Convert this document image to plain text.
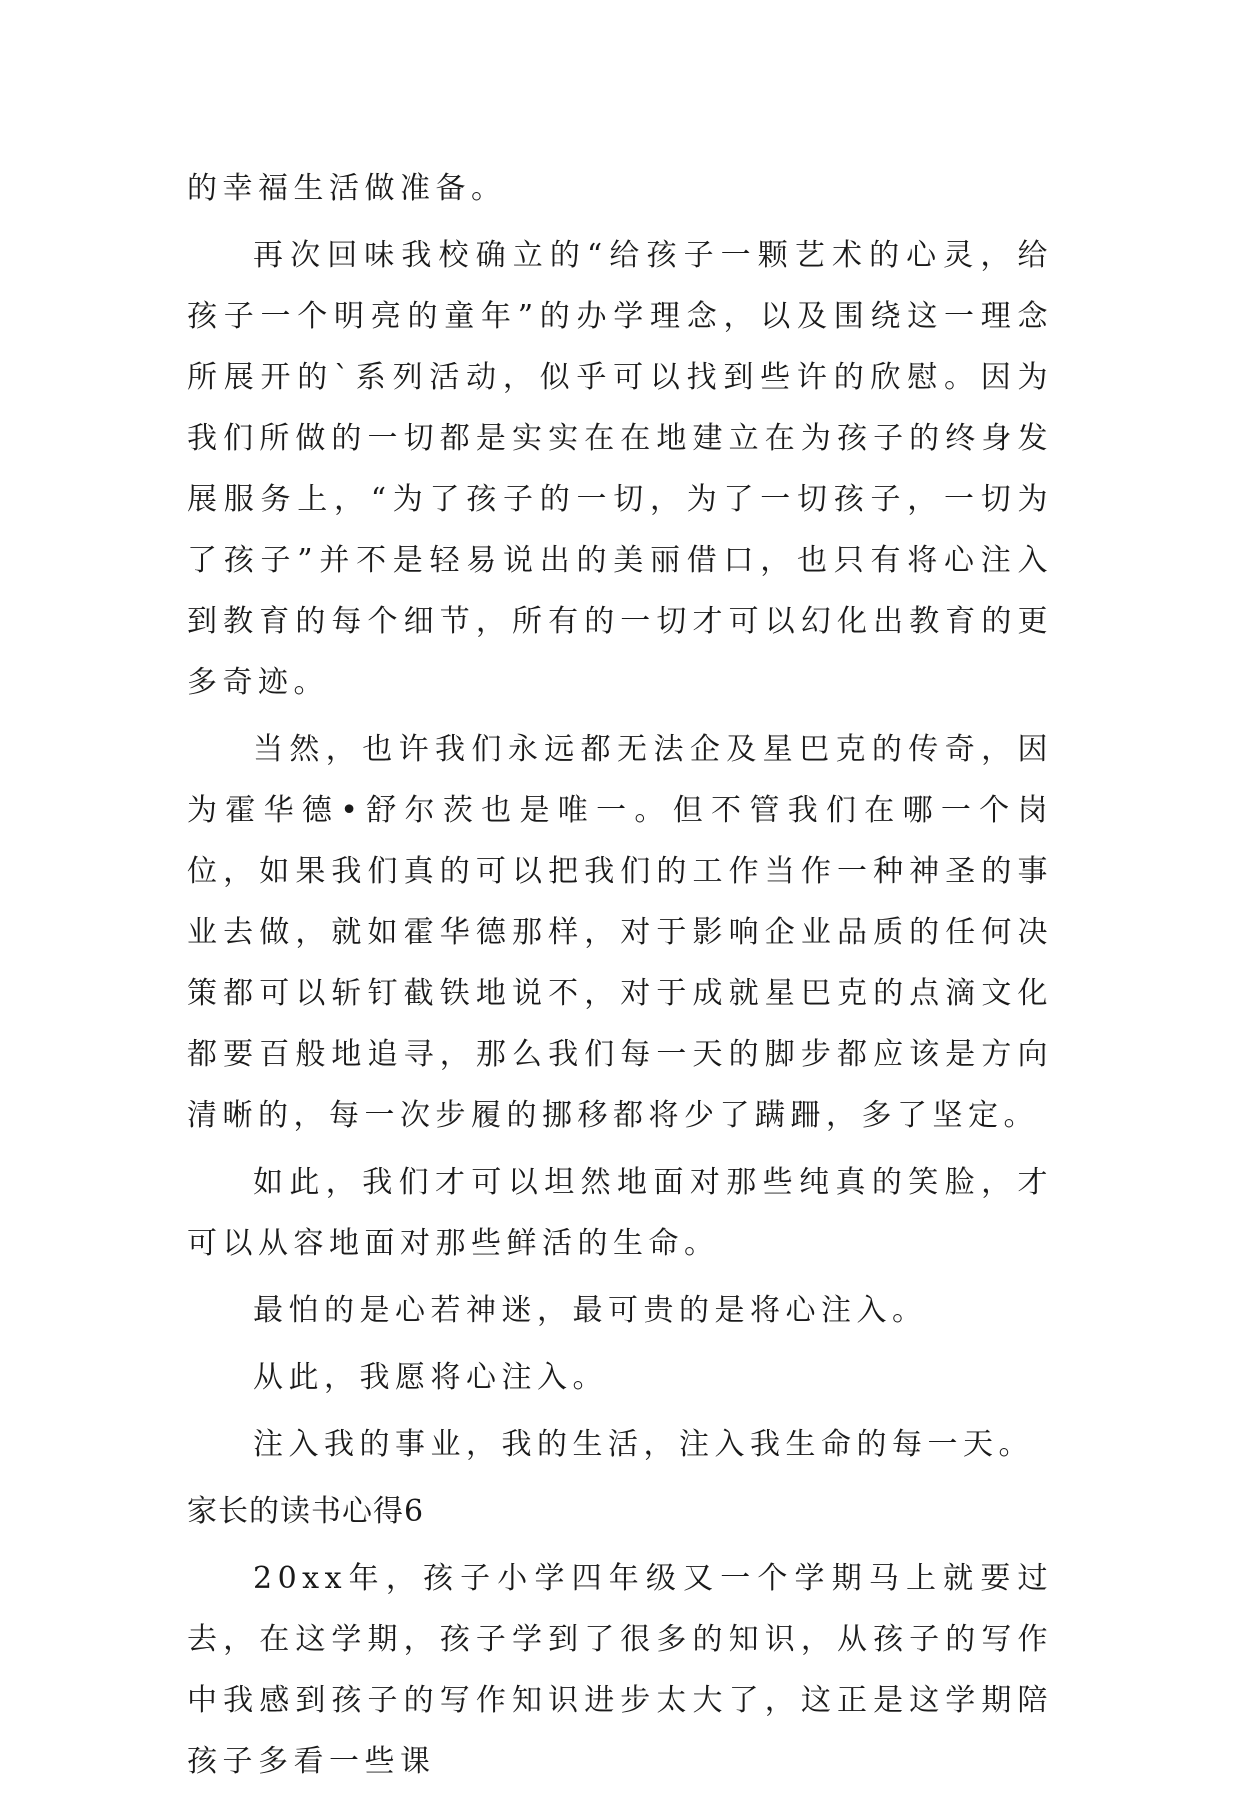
的幸福生活做准备。

再次回味我校确立的“给孩子一颗艺术的心灵，给孩子一个明亮的童年”的办学理念，以及围绕这一理念所展开的`系列活动，似乎可以找到些许的欣慰。因为我们所做的一切都是实实在在地建立在为孩子的终身发展服务上，“为了孩子的一切，为了一切孩子，一切为了孩子”并不是轻易说出的美丽借口，也只有将心注入到教育的每个细节，所有的一切才可以幻化出教育的更多奇迹。

当然，也许我们永远都无法企及星巴克的传奇，因为霍华德•舒尔茨也是唯一。但不管我们在哪一个岗位，如果我们真的可以把我们的工作当作一种神圣的事业去做，就如霍华德那样，对于影响企业品质的任何决策都可以斩钉截铁地说不，对于成就星巴克的点滴文化都要百般地追寻，那么我们每一天的脚步都应该是方向清晰的，每一次步履的挪移都将少了蹒跚，多了坚定。

如此，我们才可以坦然地面对那些纯真的笑脸，才可以从容地面对那些鲜活的生命。

最怕的是心若神迷，最可贵的是将心注入。

从此，我愿将心注入。

注入我的事业，我的生活，注入我生命的每一天。

家长的读书心得6

20xx年，孩子小学四年级又一个学期马上就要过去，在这学期，孩子学到了很多的知识，从孩子的写作中我感到孩子的写作知识进步太大了，这正是这学期陪孩子多看一些课
